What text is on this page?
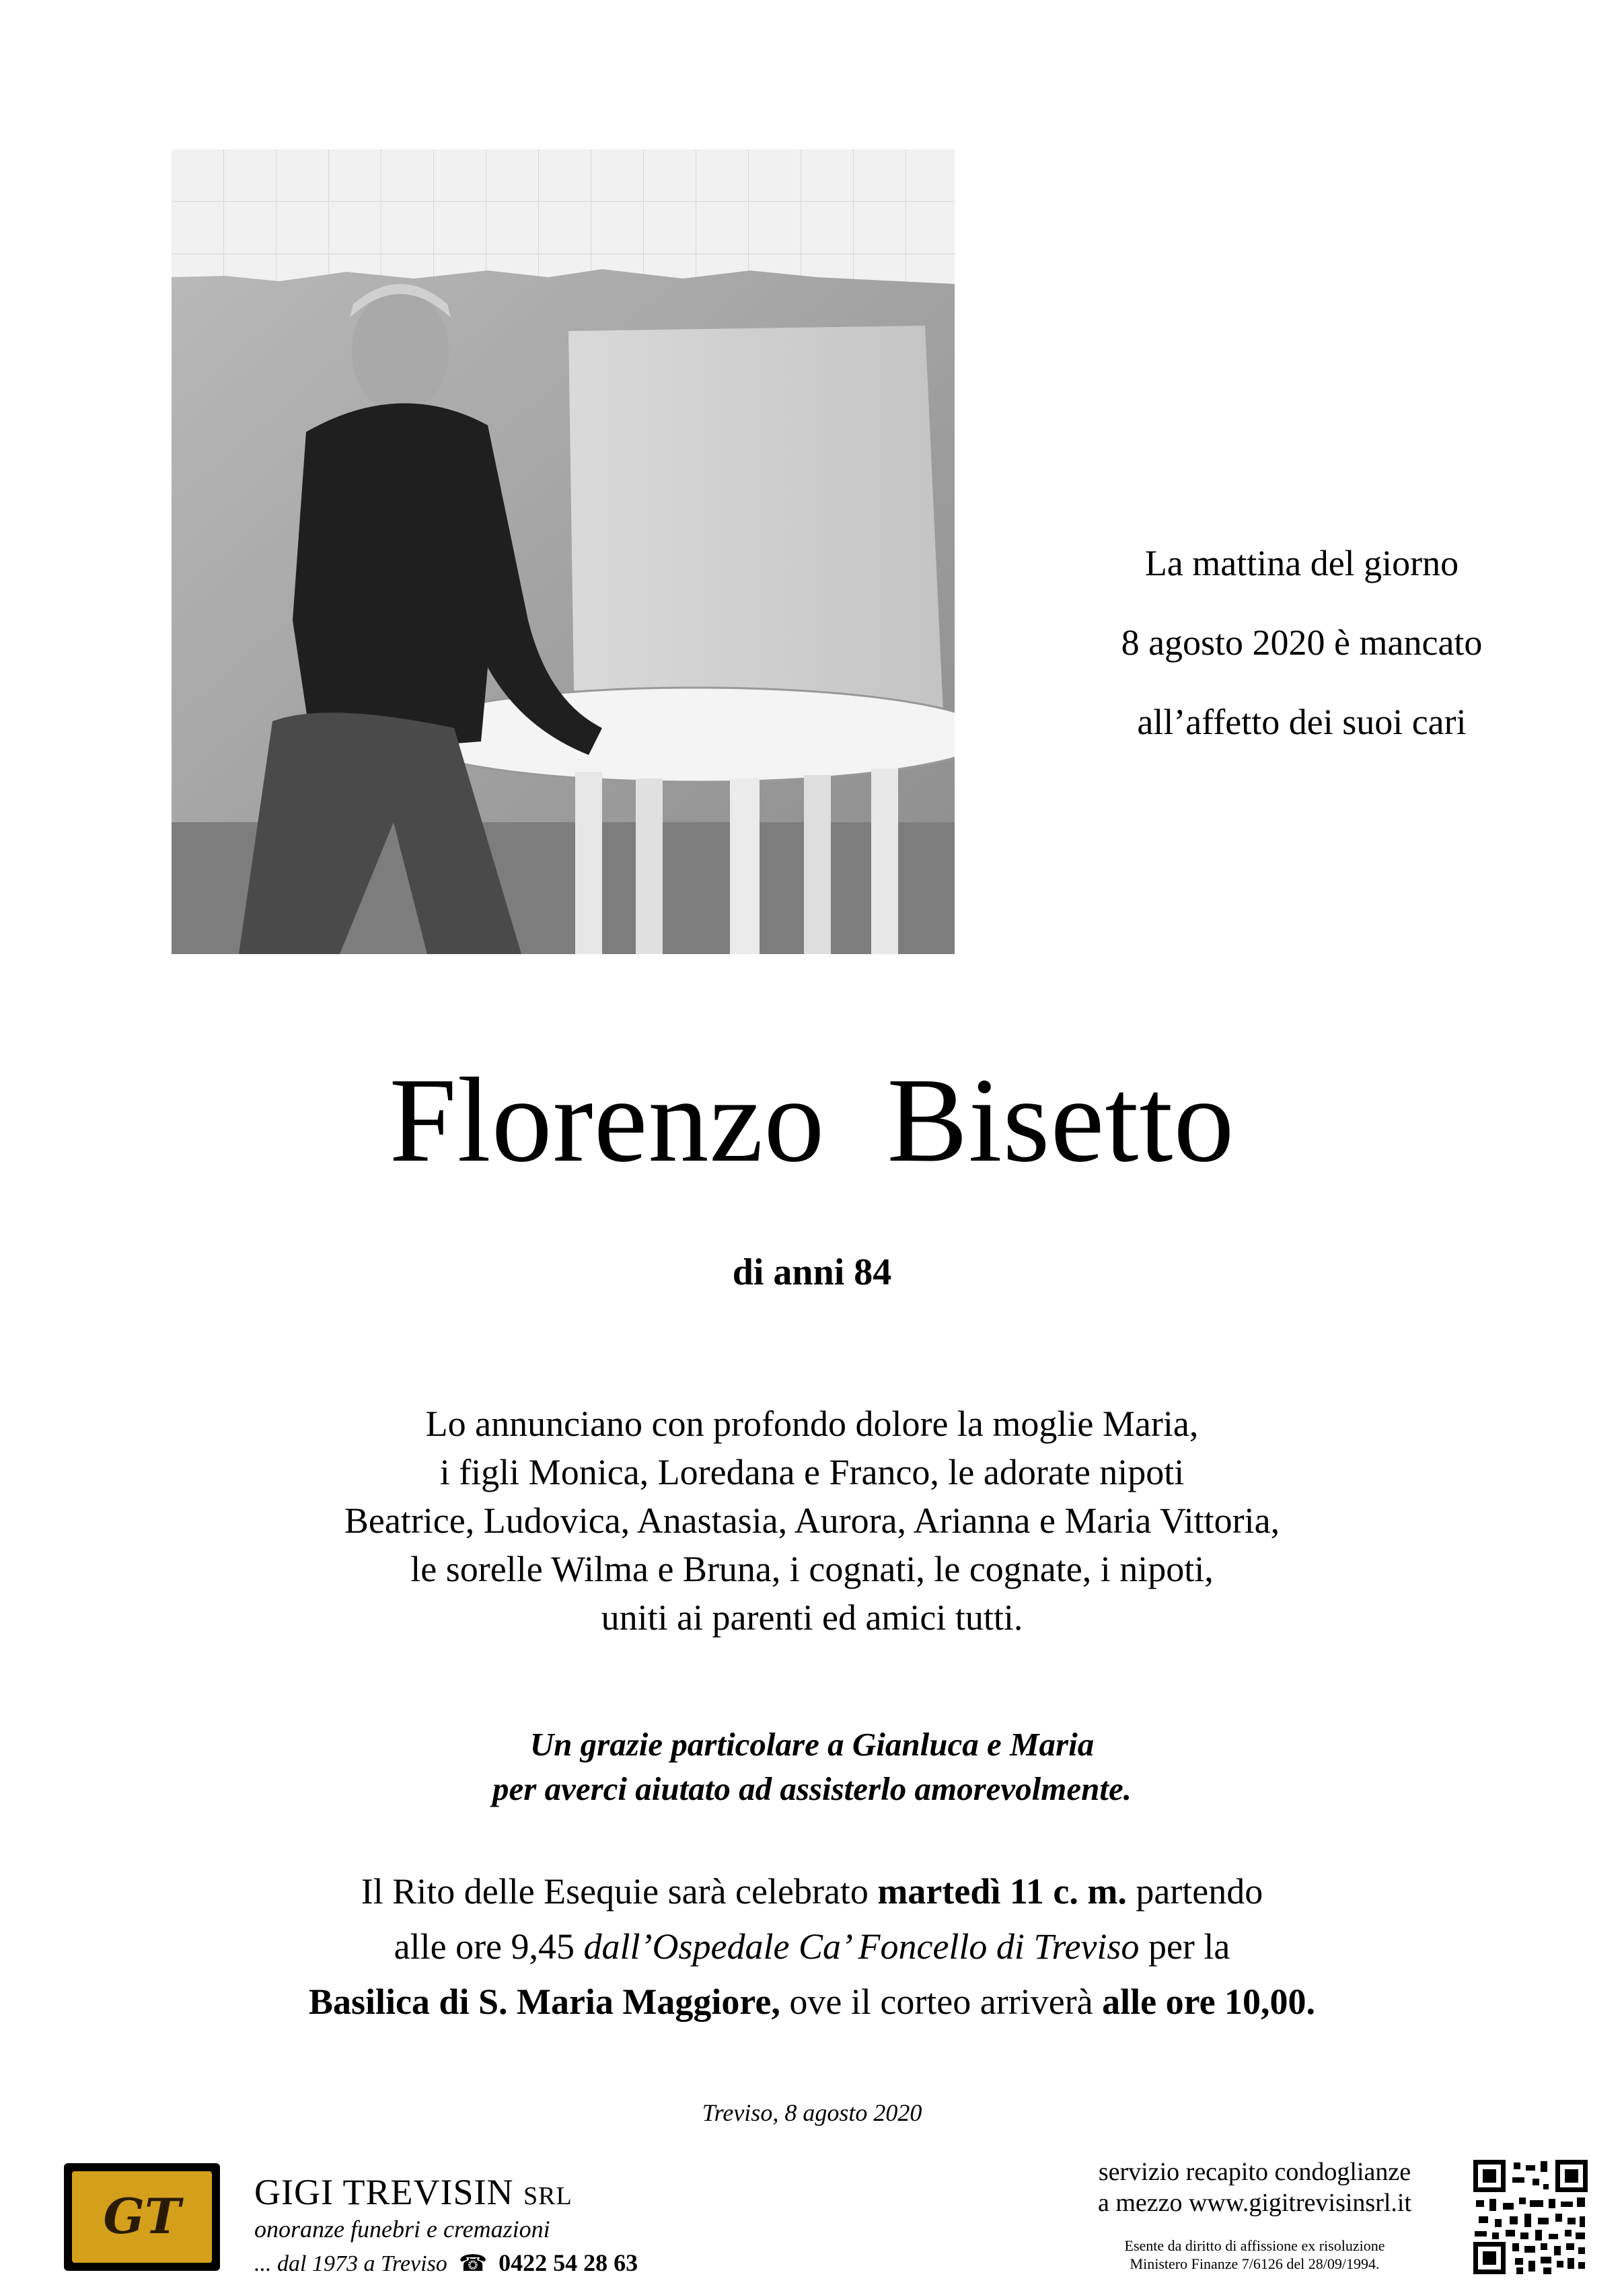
La mattina del giorno
8 agosto 2020 è mancato
all’affetto dei suoi cari
Florenzo  Bisetto
di anni 84
Lo annunciano con profondo dolore la moglie Maria,
i figli Monica, Loredana e Franco, le adorate nipoti
Beatrice, Ludovica, Anastasia, Aurora, Arianna e Maria Vittoria,
le sorelle Wilma e Bruna, i cognati, le cognate, i nipoti,
uniti ai parenti ed amici tutti.
Un grazie particolare a Gianluca e Maria
per averci aiutato ad assisterlo amorevolmente.
Il Rito delle Esequie sarà celebrato martedì 11 c. m. partendo
alle ore 9,45 dall’Ospedale Ca’ Foncello di Treviso per la
Basilica di S. Maria Maggiore, ove il corteo arriverà alle ore 10,00.
Treviso, 8 agosto 2020
GT	GIGI TREVISIN SRL
onoranze funebri e cremazioni
... dal 1973 a Treviso ☎ 0422 54 28 63
servizio recapito condoglianze
a mezzo www.gigitrevisinsrl.it
Esente da diritto di affissione ex risoluzione
Ministero Finanze 7/6126 del 28/09/1994.
